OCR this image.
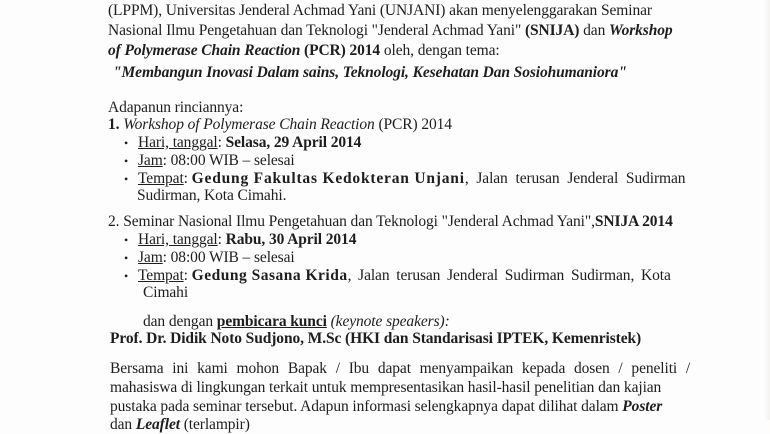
(LPPM), Universitas Jenderal Achmad Yani (UNJANI) akan menyelenggarakan Seminar
Nasional Ilmu Pengetahuan dan Teknologi "Jenderal Achmad Yani" (SNIJA) dan Workshop
of Polymerase Chain Reaction (PCR) 2014 oleh, dengan tema:
"Membangun Inovasi Dalam sains, Teknologi, Kesehatan Dan Sosiohumaniora"
Adapanun rinciannya:
1. Workshop of Polymerase Chain Reaction (PCR) 2014
• Hari, tanggal: Selasa, 29 April 2014
• Jam: 08:00 WIB – selesai
• Tempat: Gedung Fakultas Kedokteran Unjani , Jalan terusan Jenderal Sudirman
Sudirman, Kota Cimahi.
2. Seminar Nasional Ilmu Pengetahuan dan Teknologi "Jenderal Achmad Yani",SNIJA 2014
• Hari, tanggal: Rabu, 30 April 2014
• Jam: 08:00 WIB – selesai
• Tempat: Gedung Sasana Krida , Jalan terusan Jenderal Sudirman Sudirman, Kota
Cimahi
dan dengan pembicara kunci (keynote speakers):
Prof. Dr. Didik Noto Sudjono, M.Sc (HKI dan Standarisasi IPTEK, Kemenristek)
Bersama ini kami mohon Bapak / Ibu dapat menyampaikan kepada dosen / peneliti /
mahasiswa di lingkungan terkait untuk mempresentasikan hasil-hasil penelitian dan kajian
pustaka pada seminar tersebut. Adapun informasi selengkapnya dapat dilihat dalam Poster
dan Leaflet (terlampir)
